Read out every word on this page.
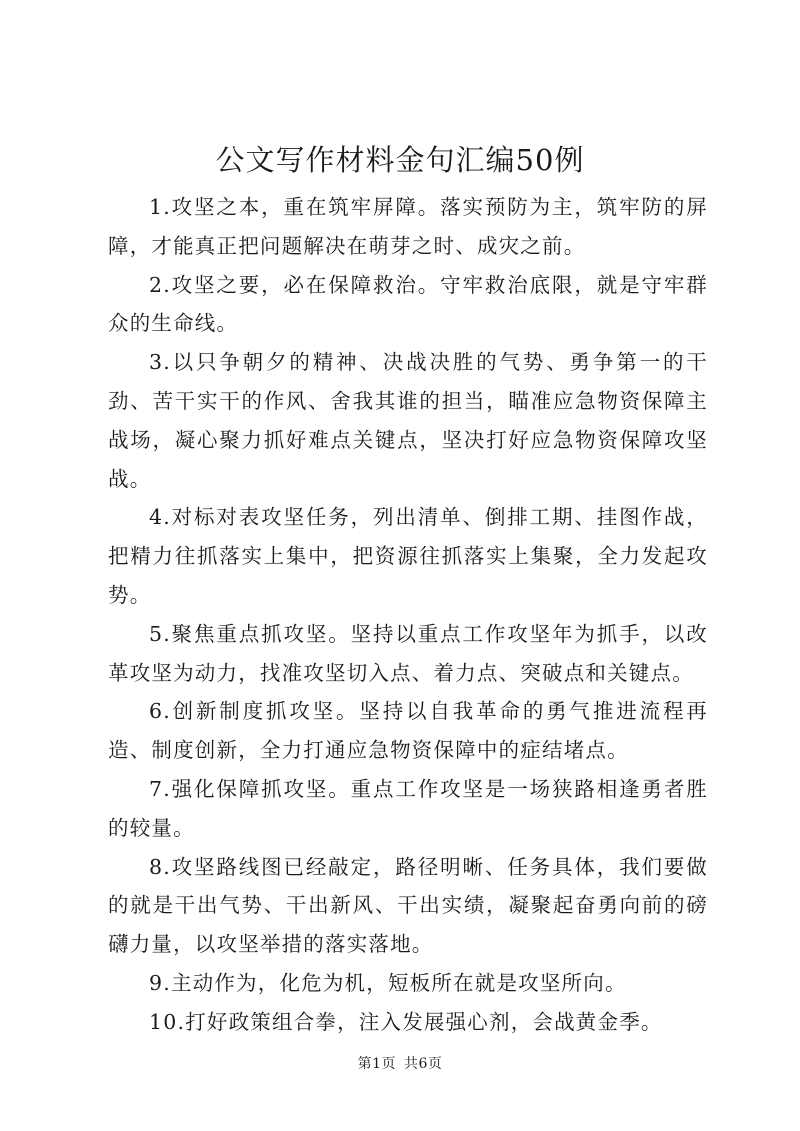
公文写作材料金句汇编50例

1.攻坚之本，重在筑牢屏障。落实预防为主，筑牢防的屏障，才能真正把问题解决在萌芽之时、成灾之前。

2.攻坚之要，必在保障救治。守牢救治底限，就是守牢群众的生命线。

3.以只争朝夕的精神、决战决胜的气势、勇争第一的干劲、苦干实干的作风、舍我其谁的担当，瞄准应急物资保障主战场，凝心聚力抓好难点关键点，坚决打好应急物资保障攻坚战。

4.对标对表攻坚任务，列出清单、倒排工期、挂图作战，把精力往抓落实上集中，把资源往抓落实上集聚，全力发起攻势。

5.聚焦重点抓攻坚。坚持以重点工作攻坚年为抓手，以改革攻坚为动力，找准攻坚切入点、着力点、突破点和关键点。

6.创新制度抓攻坚。坚持以自我革命的勇气推进流程再造、制度创新，全力打通应急物资保障中的症结堵点。

7.强化保障抓攻坚。重点工作攻坚是一场狭路相逢勇者胜的较量。

8.攻坚路线图已经敲定，路径明晰、任务具体，我们要做的就是干出气势、干出新风、干出实绩，凝聚起奋勇向前的磅礴力量，以攻坚举措的落实落地。

9.主动作为，化危为机，短板所在就是攻坚所向。

10.打好政策组合拳，注入发展强心剂，会战黄金季。

第1页 共6页
